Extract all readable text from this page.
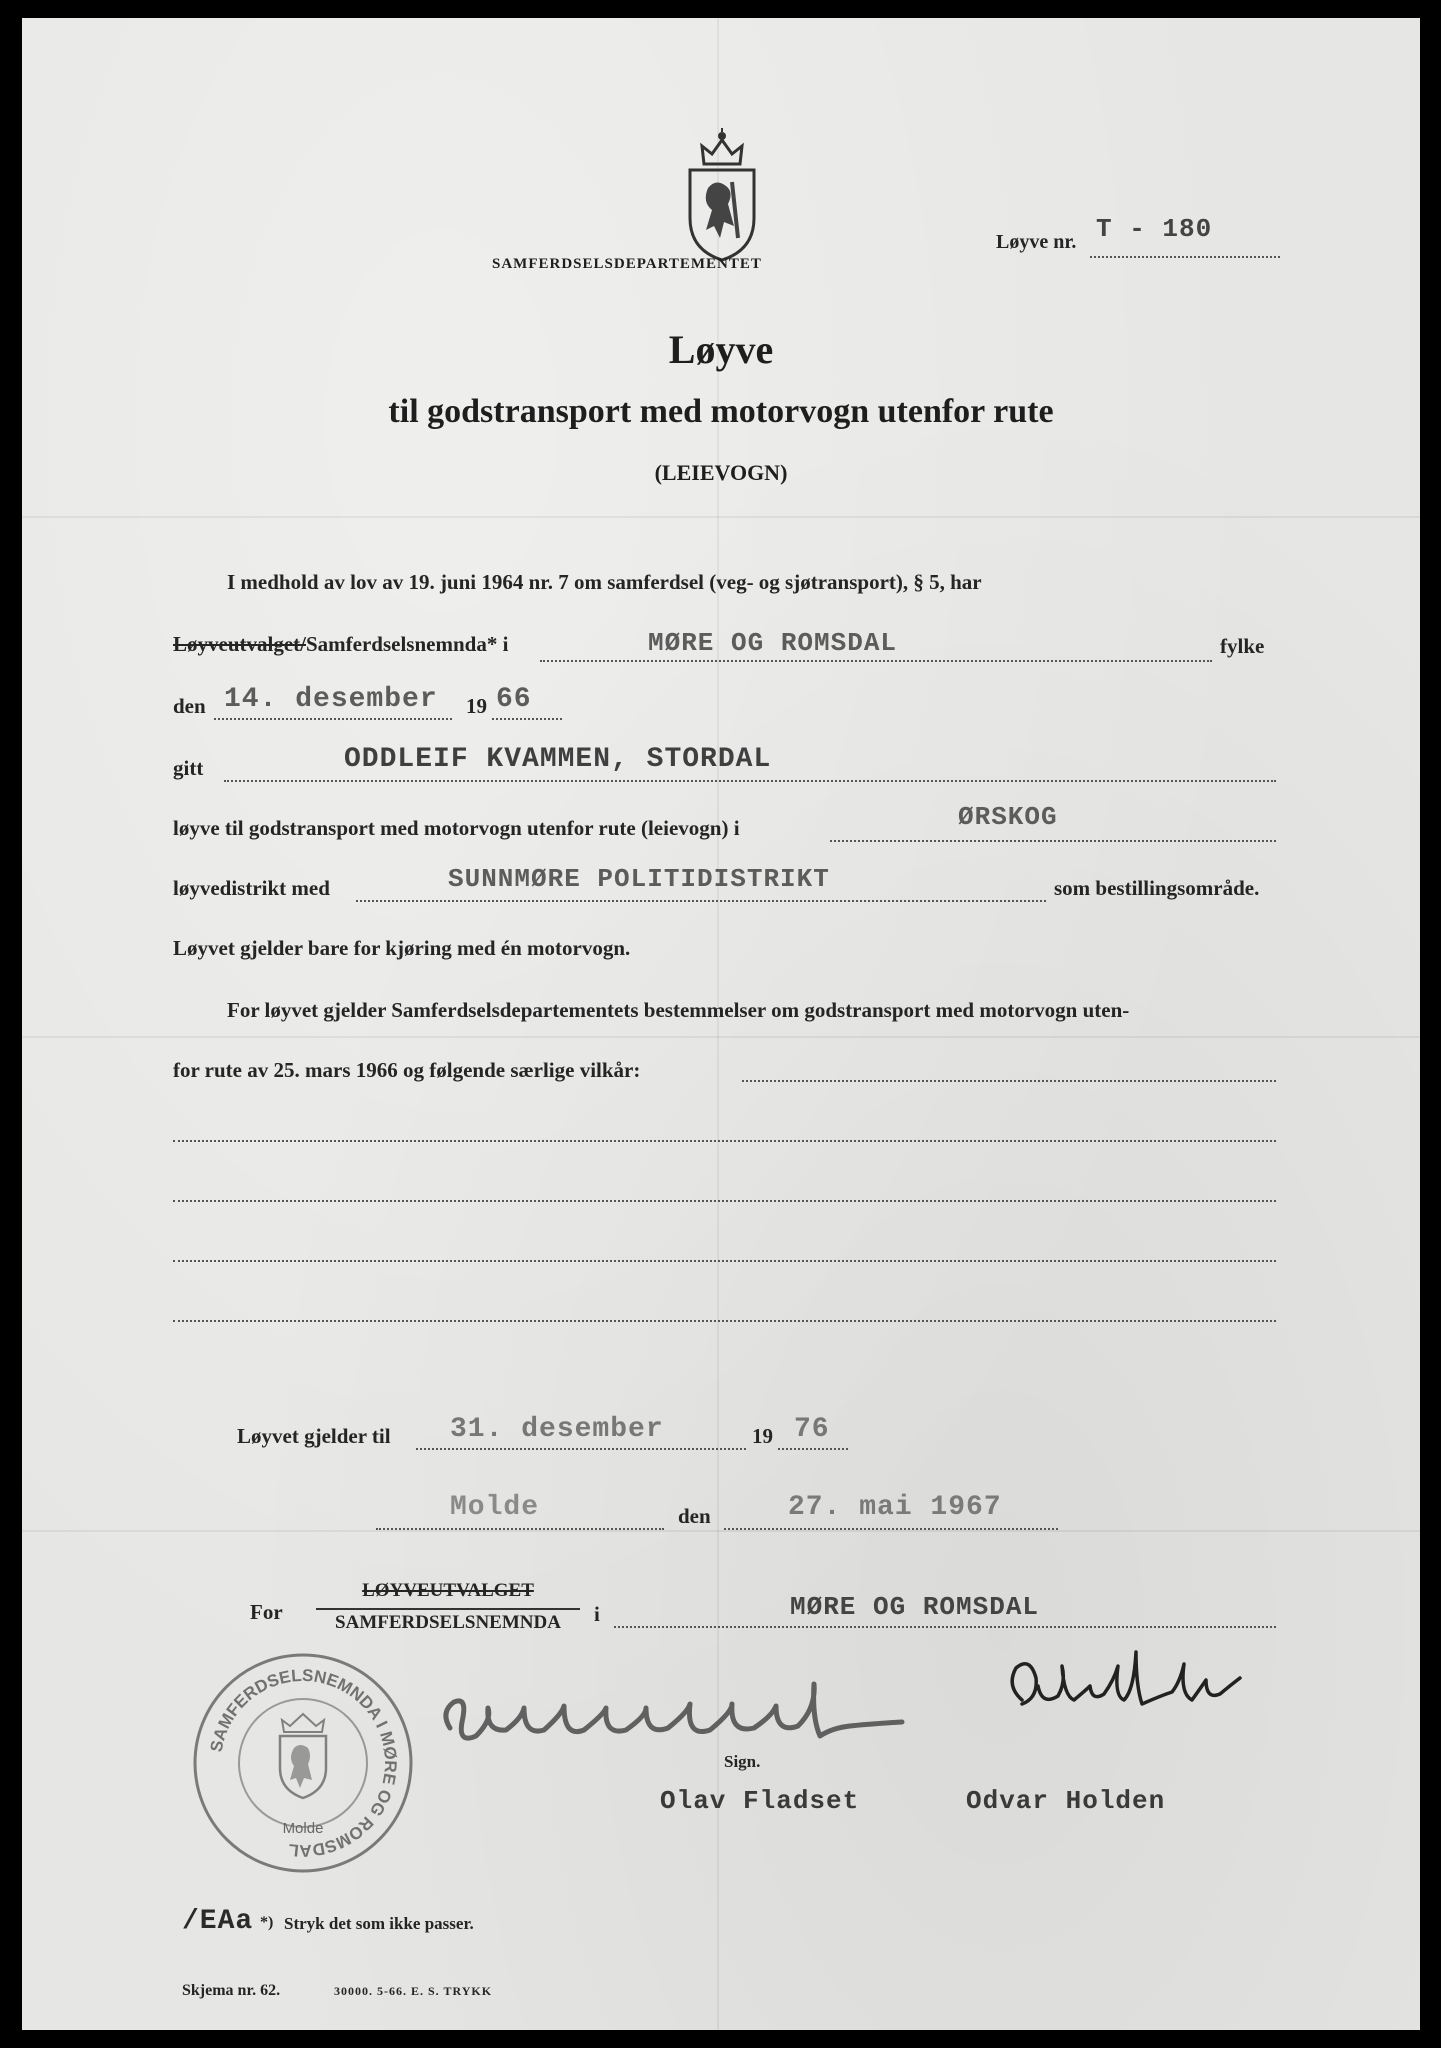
SAMFERDSELSDEPARTEMENTET
Løyve nr. T - 180
Løyve
til godstransport med motorvogn utenfor rute
(LEIEVOGN)
I medhold av lov av 19. juni 1964 nr. 7 om samferdsel (veg- og sjøtransport), § 5, har
Løyveutvalget/Samferdselsnemnda* i	MØRE OG ROMSDAL	fylke
den 14. desember 19 66
gitt	ODDLEIF KVAMMEN, STORDAL
løyve til godstransport med motorvogn utenfor rute (leievogn) i	ØRSKOG
løyvedistrikt med	SUNNMØRE POLITIDISTRIKT	som bestillingsområde.
Løyvet gjelder bare for kjøring med én motorvogn.
For løyvet gjelder Samferdselsdepartementets bestemmelser om godstransport med motorvogn uten-
for rute av 25. mars 1966 og følgende særlige vilkår:
Løyvet gjelder til 31. desember	19 76
Molde	den	27. mai 1967
For
LØYVEUTVALGET
SAMFERDSELSNEMNDA	i	MØRE OG ROMSDAL
Sign.
Olav Fladset	Odvar Holden
SAMFERDSELSNEMNDA I MØRE OG ROMSDAL
Molde
/EAa *) Stryk det som ikke passer.
Skjema nr. 62.	30000. 5-66. E. S. TRYKK
